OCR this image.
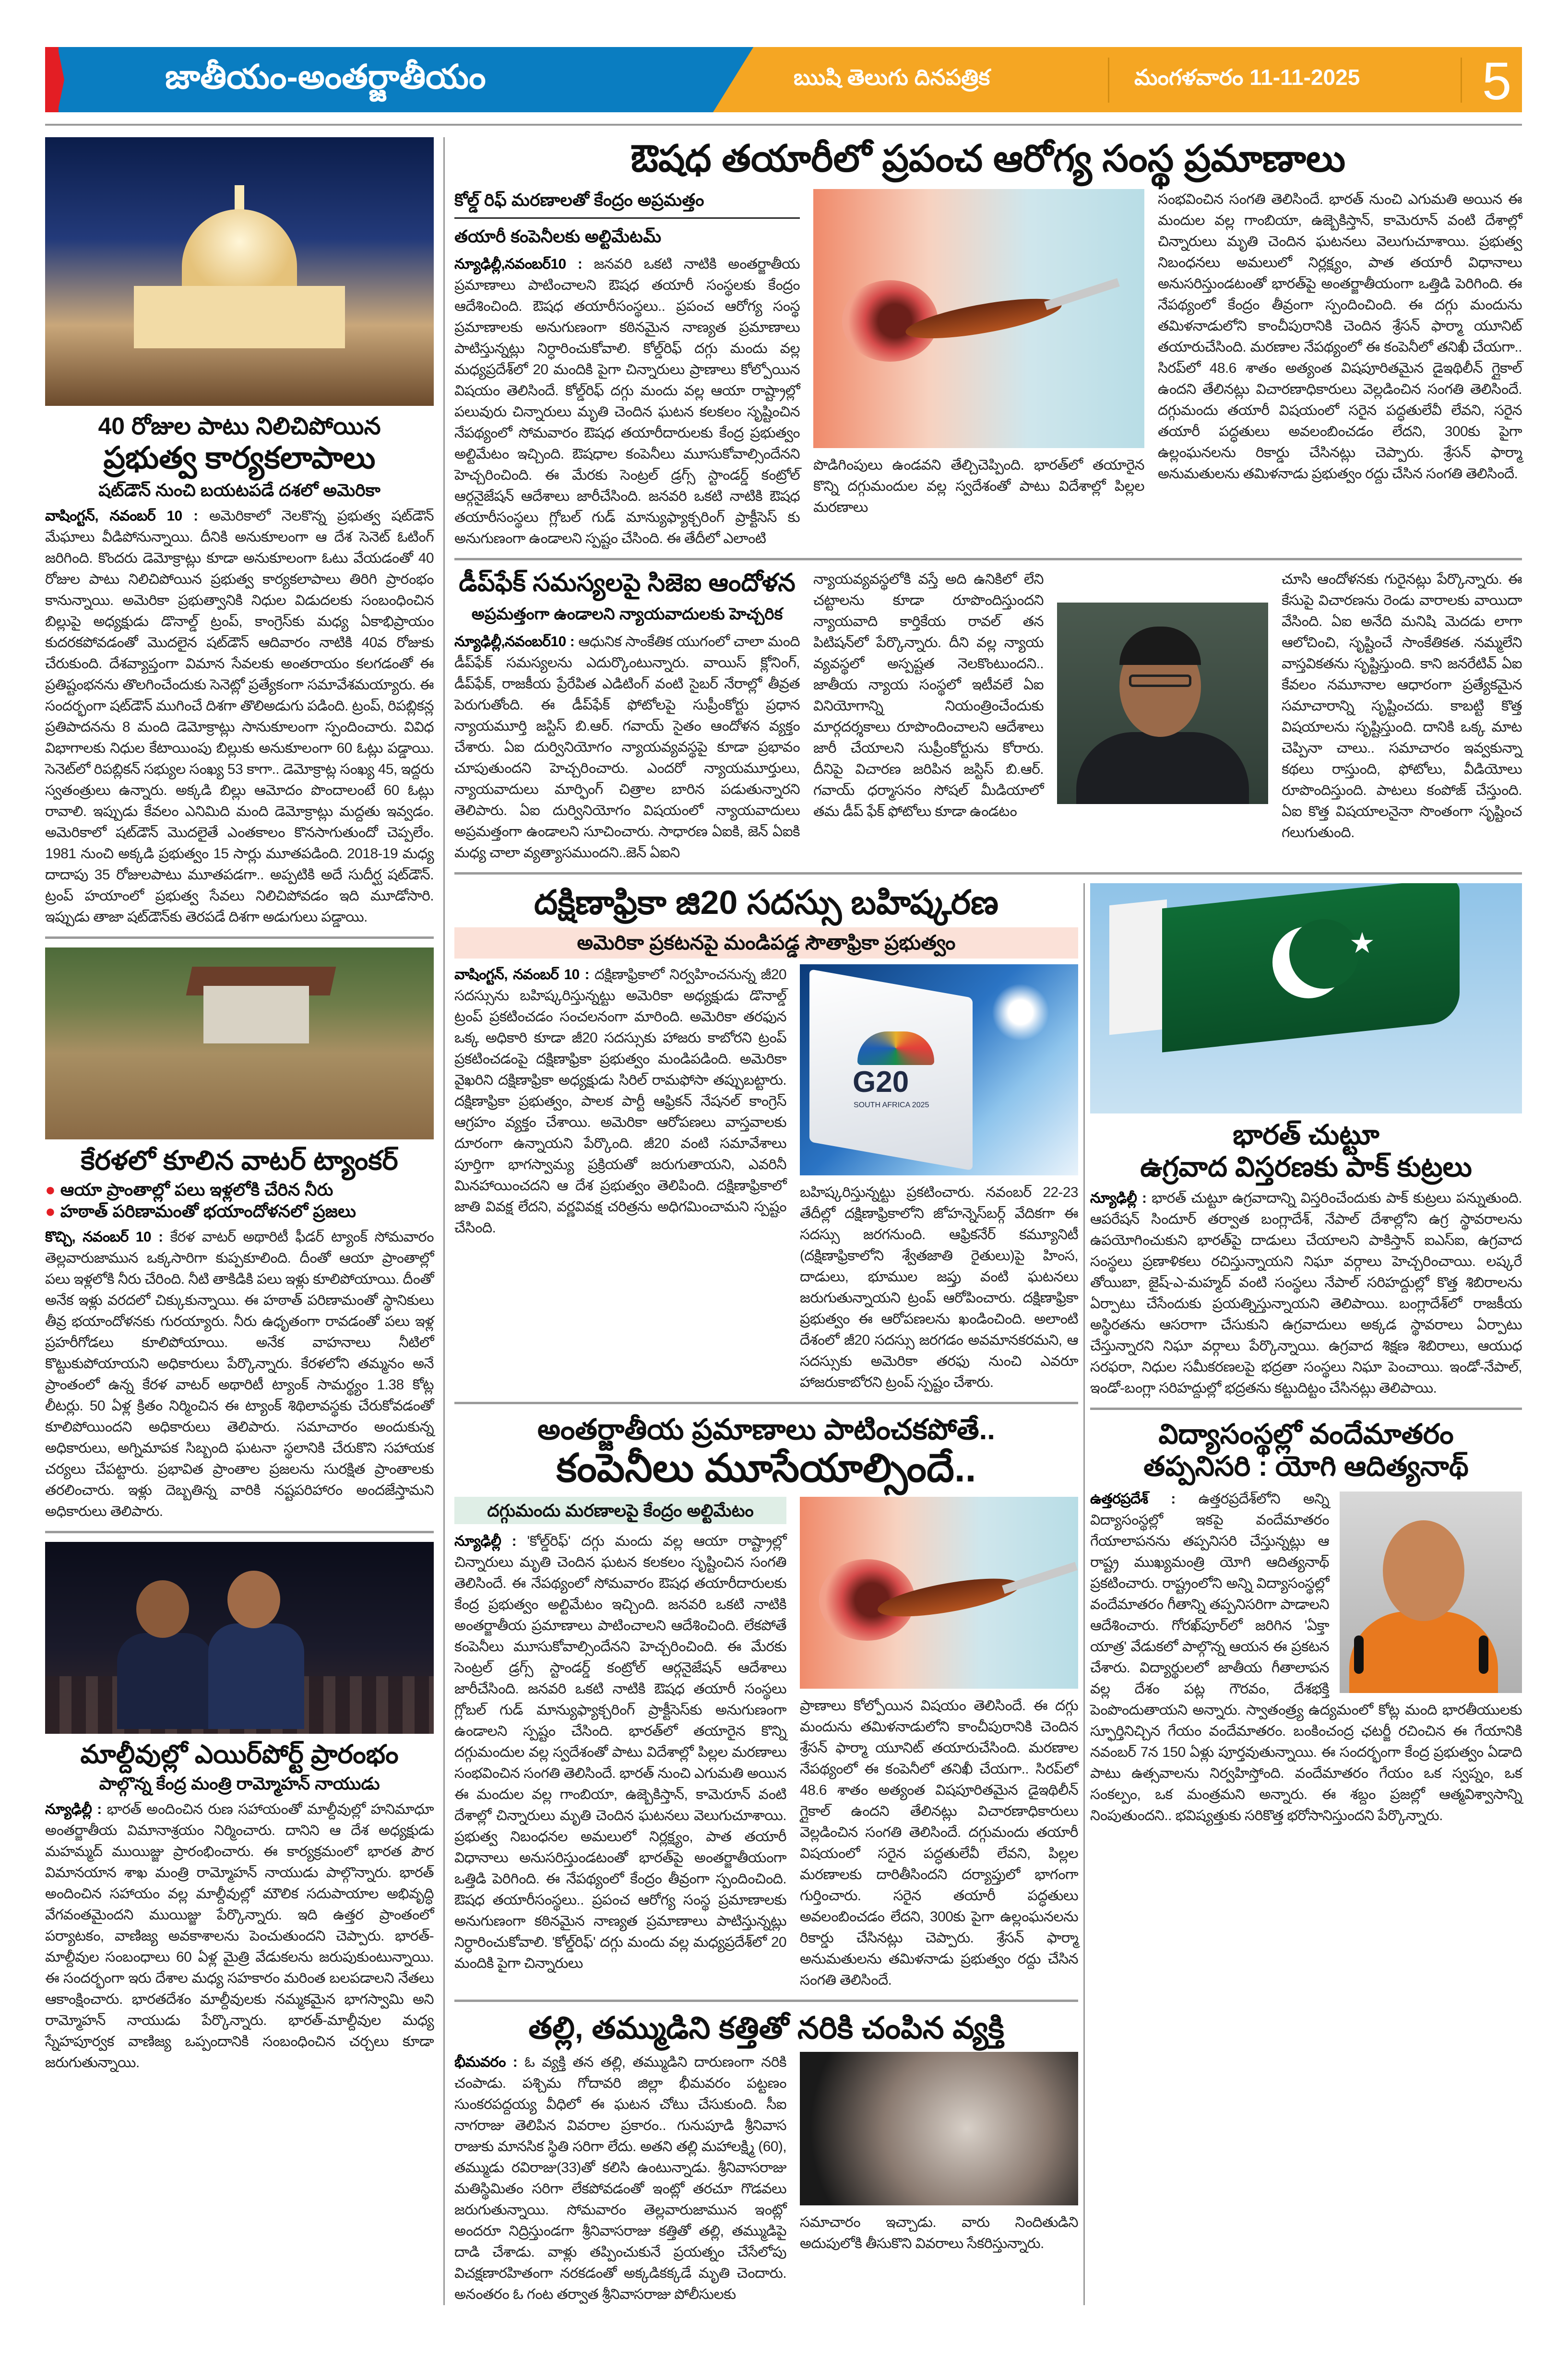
జాతీయం-అంతర్జాతీయం	ఋషి తెలుగు దినపత్రిక	మంగళవారం 11-11-2025 5
40 రోజుల పాటు నిలిచిపోయిన
ప్రభుత్వ కార్యకలాపాలు
షట్‌డౌన్ నుంచి బయటపడే దశలో అమెరికా
వాషింగ్టన్, నవంబర్ 10 : అమెరికాలో నెలకొన్న ప్రభుత్వ షట్‌డౌన్ మేఘాలు వీడిపోనున్నాయి. దీనికి అనుకూలంగా ఆ దేశ సెనెట్ ఓటింగ్ జరిగింది. కొందరు డెమోక్రాట్లు కూడా అనుకూలంగా ఓటు వేయడంతో 40 రోజుల పాటు నిలిచిపోయిన ప్రభుత్వ కార్యకలాపాలు తిరిగి ప్రారంభం కానున్నాయి. అమెరికా ప్రభుత్వానికి నిధుల విడుదలకు సంబంధించిన బిల్లుపై అధ్యక్షుడు డొనాల్డ్ ట్రంప్, కాంగ్రెస్‌కు మధ్య ఏకాభిప్రాయం కుదరకపోవడంతో మొదలైన షట్‌డౌన్ ఆదివారం నాటికి 40వ రోజుకు చేరుకుంది. దేశవ్యాప్తంగా విమాన సేవలకు అంతరాయం కలగడంతో ఈ ప్రతిష్టంభనను తొలగించేందుకు సెనెట్లో ప్రత్యేకంగా సమావేశమయ్యారు. ఈ సందర్భంగా షట్‌డౌన్ ముగించే దిశగా తొలిఅడుగు పడింది. ట్రంప్, రిపబ్లికన్ల ప్రతిపాదనను 8 మంది డెమోక్రాట్లు సానుకూలంగా స్పందించారు. వివిధ విభాగాలకు నిధుల కేటాయింపు బిల్లుకు అనుకూలంగా 60 ఓట్లు పడ్డాయి. సెనెట్‌లో రిపబ్లికన్ సభ్యుల సంఖ్య 53 కాగా.. డెమోక్రాట్ల సంఖ్య 45, ఇద్దరు స్వతంత్రులు ఉన్నారు. అక్కడి బిల్లు ఆమోదం పొందాలంటే 60 ఓట్లు రావాలి. ఇప్పుడు కేవలం ఎనిమిది మంది డెమోక్రాట్లు మద్దతు ఇవ్వడం. అమెరికాలో షట్‌డౌన్ మొదలైతే ఎంతకాలం కొనసాగుతుందో చెప్పలేం. 1981 నుంచి అక్కడి ప్రభుత్వం 15 సార్లు మూతపడింది. 2018-19 మధ్య దాదాపు 35 రోజులపాటు మూతపడగా.. అప్పటికి అదే సుదీర్ఘ షట్‌డౌన్. ట్రంప్ హయాంలో ప్రభుత్వ సేవలు నిలిచిపోవడం ఇది మూడోసారి. ఇప్పుడు తాజా షట్‌డౌన్‌కు తెరపడే దిశగా అడుగులు పడ్డాయి.
కేరళలో కూలిన వాటర్ ట్యాంకర్
● ఆయా ప్రాంతాల్లో పలు ఇళ్లలోకి చేరిన నీరు
● హఠాత్ పరిణామంతో భయాందోళనలో ప్రజలు
కొచ్చి, నవంబర్ 10 : కేరళ వాటర్ అథారిటీ ఫీడర్ ట్యాంక్ సోమవారం తెల్లవారుజామున ఒక్కసారిగా కుప్పకూలింది. దీంతో ఆయా ప్రాంతాల్లో పలు ఇళ్లలోకి నీరు చేరింది. నీటి తాకిడికి పలు ఇళ్లు కూలిపోయాయి. దీంతో అనేక ఇళ్లు వరదలో చిక్కుకున్నాయి. ఈ హఠాత్ పరిణామంతో స్థానికులు తీవ్ర భయాందోళనకు గురయ్యారు. నీరు ఉధృతంగా రావడంతో పలు ఇళ్ల ప్రహరీగోడలు కూలిపోయాయి. అనేక వాహనాలు నీటిలో కొట్టుకుపోయాయని అధికారులు పేర్కొన్నారు. కేరళలోని తమ్మనం అనే ప్రాంతంలో ఉన్న కేరళ వాటర్ అథారిటీ ట్యాంక్ సామర్థ్యం 1.38 కోట్ల లీటర్లు. 50 ఏళ్ల క్రితం నిర్మించిన ఈ ట్యాంక్ శిథిలావస్థకు చేరుకోవడంతో కూలిపోయిందని అధికారులు తెలిపారు. సమాచారం అందుకున్న అధికారులు, అగ్నిమాపక సిబ్బంది ఘటనా స్థలానికి చేరుకొని సహాయక చర్యలు చేపట్టారు. ప్రభావిత ప్రాంతాల ప్రజలను సురక్షిత ప్రాంతాలకు తరలించారు. ఇళ్లు దెబ్బతిన్న వారికి నష్టపరిహారం అందజేస్తామని అధికారులు తెలిపారు.
మాల్దీవుల్లో ఎయిర్‌పోర్ట్ ప్రారంభం
పాల్గొన్న కేంద్ర మంత్రి రామ్మోహన్ నాయుడు
న్యూఢిల్లీ : భారత్ అందించిన రుణ సహాయంతో మాల్దీవుల్లో హనిమాధూ అంతర్జాతీయ విమానాశ్రయం నిర్మించారు. దానిని ఆ దేశ అధ్యక్షుడు మహమ్మద్ ముయిజ్జు ప్రారంభించారు. ఈ కార్యక్రమంలో భారత పౌర విమానయాన శాఖ మంత్రి రామ్మోహన్ నాయుడు పాల్గొన్నారు. భారత్ అందించిన సహాయం వల్ల మాల్దీవుల్లో మౌలిక సదుపాయాల అభివృద్ధి వేగవంతమైందని ముయిజ్జు పేర్కొన్నారు. ఇది ఉత్తర ప్రాంతంలో పర్యాటకం, వాణిజ్య అవకాశాలను పెంచుతుందని చెప్పారు. భారత్-మాల్దీవుల సంబంధాలు 60 ఏళ్ల మైత్రి వేడుకలను జరుపుకుంటున్నాయి. ఈ సందర్భంగా ఇరు దేశాల మధ్య సహకారం మరింత బలపడాలని నేతలు ఆకాంక్షించారు. భారతదేశం మాల్దీవులకు నమ్మకమైన భాగస్వామి అని రామ్మోహన్ నాయుడు పేర్కొన్నారు. భారత్-మాల్దీవుల మధ్య స్నేహపూర్వక వాణిజ్య ఒప్పందానికి సంబంధించిన చర్చలు కూడా జరుగుతున్నాయి.
ఔషధ తయారీలో ప్రపంచ ఆరోగ్య సంస్థ ప్రమాణాలు
కోల్డ్ రిఫ్ మరణాలతో కేంద్రం అప్రమత్తం
తయారీ కంపెనీలకు అల్టిమేటమ్
న్యూఢిల్లీ,నవంబర్10 : జనవరి ఒకటి నాటికి అంతర్జాతీయ ప్రమాణాలు పాటించాలని ఔషధ తయారీ సంస్థలకు కేంద్రం ఆదేశించింది. ఔషధ తయారీసంస్థలు.. ప్రపంచ ఆరోగ్య సంస్థ ప్రమాణాలకు అనుగుణంగా కఠినమైన నాణ్యత ప్రమాణాలు పాటిస్తున్నట్లు నిర్ధారించుకోవాలి. కోల్డ్‌రిఫ్ దగ్గు మందు వల్ల మధ్యప్రదేశ్‌లో 20 మందికి పైగా చిన్నారులు ప్రాణాలు కోల్పోయిన విషయం తెలిసిందే. కోల్డ్‌రిఫ్ దగ్గు మందు వల్ల ఆయా రాష్ట్రాల్లో పలువురు చిన్నారులు మృతి చెందిన ఘటన కలకలం సృష్టించిన నేపథ్యంలో సోమవారం ఔషధ తయారీదారులకు కేంద్ర ప్రభుత్వం అల్టిమేటం ఇచ్చింది. ఔషధాల కంపెనీలు మూసుకోవాల్సిందేనని హెచ్చరించింది. ఈ మేరకు సెంట్రల్ డ్రగ్స్ స్టాండర్డ్ కంట్రోల్ ఆర్గనైజేషన్ ఆదేశాలు జారీచేసింది. జనవరి ఒకటి నాటికి ఔషధ తయారీసంస్థలు గ్లోబల్ గుడ్ మాన్యుఫ్యాక్చరింగ్ ప్రాక్టీసెస్ కు అనుగుణంగా ఉండాలని స్పష్టం చేసింది. ఈ తేదీలో ఎలాంటి
పొడిగింపులు ఉండవని తేల్చిచెప్పింది. భారత్‌లో తయారైన కొన్ని దగ్గుమందుల వల్ల స్వదేశంతో పాటు విదేశాల్లో పిల్లల మరణాలు
సంభవించిన సంగతి తెలిసిందే. భారత్ నుంచి ఎగుమతి అయిన ఈ మందుల వల్ల గాంబియా, ఉజ్బెకిస్తాన్, కామెరూన్ వంటి దేశాల్లో చిన్నారులు మృతి చెందిన ఘటనలు వెలుగుచూశాయి. ప్రభుత్వ నిబంధనలు అమలులో నిర్లక్ష్యం, పాత తయారీ విధానాలు అనుసరిస్తుండటంతో భారత్‌పై అంతర్జాతీయంగా ఒత్తిడి పెరిగింది. ఈ నేపథ్యంలో కేంద్రం తీవ్రంగా స్పందించింది. ఈ దగ్గు మందును తమిళనాడులోని కాంచీపురానికి చెందిన శ్రేసన్ ఫార్మా యూనిట్ తయారుచేసింది. మరణాల నేపథ్యంలో ఈ కంపెనీలో తనిఖీ చేయగా.. సిరప్‌లో 48.6 శాతం అత్యంత విషపూరితమైన డైఇథిలీన్ గ్లైకాల్ ఉందని తేలినట్లు విచారణాధికారులు వెల్లడించిన సంగతి తెలిసిందే. దగ్గుమందు తయారీ విషయంలో సరైన పద్ధతులేవీ లేవని, సరైన తయారీ పద్ధతులు అవలంబించడం లేదని, 300కు పైగా ఉల్లంఘనలను రికార్డు చేసినట్లు చెప్పారు. శ్రేసన్ ఫార్మా అనుమతులను తమిళనాడు ప్రభుత్వం రద్దు చేసిన సంగతి తెలిసిందే.
డీప్‌ఫేక్ సమస్యలపై సిజెఐ ఆందోళన
అప్రమత్తంగా ఉండాలని న్యాయవాదులకు హెచ్చరిక
న్యూఢిల్లీ,నవంబర్10 : ఆధునిక సాంకేతిక యుగంలో చాలా మంది డీప్‌ఫేక్ సమస్యలను ఎదుర్కొంటున్నారు. వాయిస్ క్లోనింగ్, డీప్‌ఫేక్, రాజకీయ ప్రేరేపిత ఎడిటింగ్ వంటి సైబర్ నేరాల్లో తీవ్రత పెరుగుతోంది. ఈ డీప్‌ఫేక్ ఫోటోలపై సుప్రీంకోర్టు ప్రధాన న్యాయమూర్తి జస్టిస్ బి.ఆర్. గవాయ్ సైతం ఆందోళన వ్యక్తం చేశారు. ఏఐ దుర్వినియోగం న్యాయవ్యవస్థపై కూడా ప్రభావం చూపుతుందని హెచ్చరించారు. ఎందరో న్యాయమూర్తులు, న్యాయవాదులు మార్ఫింగ్ చిత్రాల బారిన పడుతున్నారని తెలిపారు. ఏఐ దుర్వినియోగం విషయంలో న్యాయవాదులు అప్రమత్తంగా ఉండాలని సూచించారు. సాధారణ ఏఐకి, జెన్ ఏఐకి మధ్య చాలా వ్యత్యాసముందని..జెన్ ఏఐని
న్యాయవ్యవస్థలోకి వస్తే అది ఉనికిలో లేని చట్టాలను కూడా రూపొందిస్తుందని న్యాయవాది కార్తికేయ రావల్ తన పిటిషన్‌లో పేర్కొన్నారు. దీని వల్ల న్యాయ వ్యవస్థలో అస్పష్టత నెలకొంటుందని.. జాతీయ న్యాయ సంస్థలో ఇటీవలే ఏఐ వినియోగాన్ని నియంత్రించేందుకు మార్గదర్శకాలు రూపొందించాలని ఆదేశాలు జారీ చేయాలని సుప్రీంకోర్టును కోరారు. దీనిపై విచారణ జరిపిన జస్టిస్ బి.ఆర్. గవాయ్ ధర్మాసనం సోషల్ మీడియాలో తమ డీప్ ఫేక్ ఫోటోలు కూడా ఉండటం
చూసి ఆందోళనకు గురైనట్లు పేర్కొన్నారు. ఈ కేసుపై విచారణను రెండు వారాలకు వాయిదా వేసింది. ఏఐ అనేది మనిషి మెదడు లాగా ఆలోచించి, సృష్టించే సాంకేతికత. నమ్మలేని వాస్తవికతను సృష్టిస్తుంది. కాని జనరేటివ్ ఏఐ కేవలం నమూనాల ఆధారంగా ప్రత్యేకమైన సమాచారాన్ని సృష్టించదు. కాబట్టి కొత్త విషయాలను సృష్టిస్తుంది. దానికి ఒక్క మాట చెప్పినా చాలు.. సమాచారం ఇవ్వకున్నా కథలు రాస్తుంది, ఫోటోలు, వీడియోలు రూపొందిస్తుంది. పాటలు కంపోజ్ చేస్తుంది. ఏఐ కొత్త విషయాలనైనా సొంతంగా సృష్టించ గలుగుతుంది.
దక్షిణాఫ్రికా జి20 సదస్సు బహిష్కరణ
అమెరికా ప్రకటనపై మండిపడ్డ సౌతాఫ్రికా ప్రభుత్వం
వాషింగ్టన్, నవంబర్ 10 : దక్షిణాఫ్రికాలో నిర్వహించనున్న జీ20 సదస్సును బహిష్కరిస్తున్నట్టు అమెరికా అధ్యక్షుడు డొనాల్డ్ ట్రంప్ ప్రకటించడం సంచలనంగా మారింది. అమెరికా తరఫున ఒక్క అధికారి కూడా జీ20 సదస్సుకు హాజరు కాబోరని ట్రంప్ ప్రకటించడంపై దక్షిణాఫ్రికా ప్రభుత్వం మండిపడింది. అమెరికా వైఖరిని దక్షిణాఫ్రికా అధ్యక్షుడు సిరిల్ రామఫోసా తప్పుబట్టారు. దక్షిణాఫ్రికా ప్రభుత్వం, పాలక పార్టీ ఆఫ్రికన్ నేషనల్ కాంగ్రెస్ ఆగ్రహం వ్యక్తం చేశాయి. అమెరికా ఆరోపణలు వాస్తవాలకు దూరంగా ఉన్నాయని పేర్కొంది. జీ20 వంటి సమావేశాలు పూర్తిగా భాగస్వామ్య ప్రక్రియతో జరుగుతాయని, ఎవరినీ మినహాయించదని ఆ దేశ ప్రభుత్వం తెలిపింది. దక్షిణాఫ్రికాలో జాతి వివక్ష లేదని, వర్ణవివక్ష చరిత్రను అధిగమించామని స్పష్టం చేసింది.
G20
SOUTH AFRICA 2025
బహిష్కరిస్తున్నట్టు ప్రకటించారు. నవంబర్ 22-23 తేదీల్లో దక్షిణాఫ్రికాలోని జోహన్నెస్‌బర్గ్ వేదికగా ఈ సదస్సు జరగనుంది. ఆఫ్రికనేర్ కమ్యూనిటీ (దక్షిణాఫ్రికాలోని శ్వేతజాతి రైతులు)పై హింస, దాడులు, భూముల జప్తు వంటి ఘటనలు జరుగుతున్నాయని ట్రంప్ ఆరోపించారు. దక్షిణాఫ్రికా ప్రభుత్వం ఈ ఆరోపణలను ఖండించింది. అలాంటి దేశంలో జీ20 సదస్సు జరగడం అవమానకరమని, ఆ సదస్సుకు అమెరికా తరఫు నుంచి ఎవరూ హాజరుకాబోరని ట్రంప్ స్పష్టం చేశారు.
అంతర్జాతీయ ప్రమాణాలు పాటించకపోతే..
కంపెనీలు మూసేయాల్సిందే..
దగ్గుమందు మరణాలపై కేంద్రం అల్టిమేటం
న్యూఢిల్లీ : 'కోల్డ్‌రిఫ్' దగ్గు మందు వల్ల ఆయా రాష్ట్రాల్లో చిన్నారులు మృతి చెందిన ఘటన కలకలం సృష్టించిన సంగతి తెలిసిందే. ఈ నేపథ్యంలో సోమవారం ఔషధ తయారీదారులకు కేంద్ర ప్రభుత్వం అల్టిమేటం ఇచ్చింది. జనవరి ఒకటి నాటికి అంతర్జాతీయ ప్రమాణాలు పాటించాలని ఆదేశించింది. లేకపోతే కంపెనీలు మూసుకోవాల్సిందేనని హెచ్చరించింది. ఈ మేరకు సెంట్రల్ డ్రగ్స్ స్టాండర్డ్ కంట్రోల్ ఆర్గనైజేషన్ ఆదేశాలు జారీచేసింది. జనవరి ఒకటి నాటికి ఔషధ తయారీ సంస్థలు గ్లోబల్ గుడ్ మాన్యుఫ్యాక్చరింగ్ ప్రాక్టీసెస్‌కు అనుగుణంగా ఉండాలని స్పష్టం చేసింది. భారత్‌లో తయారైన కొన్ని దగ్గుమందుల వల్ల స్వదేశంతో పాటు విదేశాల్లో పిల్లల మరణాలు సంభవించిన సంగతి తెలిసిందే. భారత్ నుంచి ఎగుమతి అయిన ఈ మందుల వల్ల గాంబియా, ఉజ్బెకిస్తాన్, కామెరూన్ వంటి దేశాల్లో చిన్నారులు మృతి చెందిన ఘటనలు వెలుగుచూశాయి. ప్రభుత్వ నిబంధనల అమలులో నిర్లక్ష్యం, పాత తయారీ విధానాలు అనుసరిస్తుండటంతో భారత్‌పై అంతర్జాతీయంగా ఒత్తిడి పెరిగింది. ఈ నేపథ్యంలో కేంద్రం తీవ్రంగా స్పందించింది. ఔషధ తయారీసంస్థలు.. ప్రపంచ ఆరోగ్య సంస్థ ప్రమాణాలకు అనుగుణంగా కఠినమైన నాణ్యత ప్రమాణాలు పాటిస్తున్నట్లు నిర్ధారించుకోవాలి. 'కోల్డ్‌రిఫ్' దగ్గు మందు వల్ల మధ్యప్రదేశ్‌లో 20 మందికి పైగా చిన్నారులు
ప్రాణాలు కోల్పోయిన విషయం తెలిసిందే. ఈ దగ్గు మందును తమిళనాడులోని కాంచీపురానికి చెందిన శ్రేసన్ ఫార్మా యూనిట్ తయారుచేసింది. మరణాల నేపథ్యంలో ఈ కంపెనీలో తనిఖీ చేయగా.. సిరప్‌లో 48.6 శాతం అత్యంత విషపూరితమైన డైఇథిలీన్ గ్లైకాల్ ఉందని తేలినట్లు విచారణాధికారులు వెల్లడించిన సంగతి తెలిసిందే. దగ్గుమందు తయారీ విషయంలో సరైన పద్ధతులేవీ లేవని, పిల్లల మరణాలకు దారితీసిందని దర్యాప్తులో భాగంగా గుర్తించారు. సరైన తయారీ పద్ధతులు అవలంబించడం లేదని, 300కు పైగా ఉల్లంఘనలను రికార్డు చేసినట్లు చెప్పారు. శ్రేసన్ ఫార్మా అనుమతులను తమిళనాడు ప్రభుత్వం రద్దు చేసిన సంగతి తెలిసిందే.
తల్లి, తమ్ముడిని కత్తితో నరికి చంపిన వ్యక్తి
భీమవరం : ఓ వ్యక్తి తన తల్లి, తమ్ముడిని దారుణంగా నరికి చంపాడు. పశ్చిమ గోదావరి జిల్లా భీమవరం పట్టణం సుంకరపద్దయ్య వీధిలో ఈ ఘటన చోటు చేసుకుంది. సీఐ నాగరాజు తెలిపిన వివరాల ప్రకారం.. గునుపూడి శ్రీనివాస రాజుకు మానసిక స్థితి సరిగా లేదు. అతని తల్లి మహాలక్ష్మి (60), తమ్ముడు రవిరాజు(33)తో కలిసి ఉంటున్నాడు. శ్రీనివాసరాజు మతిస్థిమితం సరిగా లేకపోవడంతో ఇంట్లో తరచూ గొడవలు జరుగుతున్నాయి. సోమవారం తెల్లవారుజామున ఇంట్లో అందరూ నిద్రిస్తుండగా శ్రీనివాసరాజు కత్తితో తల్లి, తమ్ముడిపై దాడి చేశాడు. వాళ్లు తప్పించుకునే ప్రయత్నం చేసేలోపు విచక్షణారహితంగా నరకడంతో అక్కడికక్కడే మృతి చెందారు. అనంతరం ఓ గంట తర్వాత శ్రీనివాసరాజు పోలీసులకు
సమాచారం ఇచ్చాడు. వారు నిందితుడిని అదుపులోకి తీసుకొని వివరాలు సేకరిస్తున్నారు.
★
భారత్ చుట్టూ
ఉగ్రవాద విస్తరణకు పాక్ కుట్రలు
న్యూఢిల్లీ : భారత్ చుట్టూ ఉగ్రవాదాన్ని విస్తరించేందుకు పాక్ కుట్రలు పన్నుతుంది. ఆపరేషన్ సిందూర్ తర్వాత బంగ్లాదేశ్, నేపాల్ దేశాల్లోని ఉగ్ర స్థావరాలను ఉపయోగించుకుని భారత్‌పై దాడులు చేయాలని పాకిస్తాన్ ఐఎస్ఐ, ఉగ్రవాద సంస్థలు ప్రణాళికలు రచిస్తున్నాయని నిఘా వర్గాలు హెచ్చరించాయి. లష్కరే తోయిబా, జైష్-ఎ-మహ్మద్ వంటి సంస్థలు నేపాల్ సరిహద్దుల్లో కొత్త శిబిరాలను ఏర్పాటు చేసేందుకు ప్రయత్నిస్తున్నాయని తెలిపాయి. బంగ్లాదేశ్‌లో రాజకీయ అస్థిరతను ఆసరాగా చేసుకుని ఉగ్రవాదులు అక్కడ స్థావరాలు ఏర్పాటు చేస్తున్నారని నిఘా వర్గాలు పేర్కొన్నాయి. ఉగ్రవాద శిక్షణ శిబిరాలు, ఆయుధ సరఫరా, నిధుల సమీకరణలపై భద్రతా సంస్థలు నిఘా పెంచాయి. ఇండో-నేపాల్, ఇండో-బంగ్లా సరిహద్దుల్లో భద్రతను కట్టుదిట్టం చేసినట్లు తెలిపాయి.
విద్యాసంస్థల్లో వందేమాతరం
తప్పనిసరి : యోగి ఆదిత్యనాథ్
ఉత్తరప్రదేశ్ : ఉత్తరప్రదేశ్‌లోని అన్ని విద్యాసంస్థల్లో ఇకపై వందేమాతరం గేయాలాపనను తప్పనిసరి చేస్తున్నట్లు ఆ రాష్ట్ర ముఖ్యమంత్రి యోగి ఆదిత్యనాథ్ ప్రకటించారు. రాష్ట్రంలోని అన్ని విద్యాసంస్థల్లో వందేమాతరం గీతాన్ని తప్పనిసరిగా పాడాలని ఆదేశించారు. గోరఖ్‌పూర్‌లో జరిగిన 'ఏక్తా యాత్ర' వేడుకలో పాల్గొన్న ఆయన ఈ ప్రకటన చేశారు. విద్యార్థులలో జాతీయ గీతాలాపన వల్ల దేశం పట్ల గౌరవం, దేశభక్తి పెంపొందుతాయని అన్నారు. స్వాతంత్ర్య ఉద్యమంలో కోట్ల మంది భారతీయులకు స్ఫూర్తినిచ్చిన గేయం వందేమాతరం. బంకించంద్ర ఛటర్జీ రచించిన ఈ గేయానికి నవంబర్ 7న 150 ఏళ్లు పూర్తవుతున్నాయి. ఈ సందర్భంగా కేంద్ర ప్రభుత్వం ఏడాది పాటు ఉత్సవాలను నిర్వహిస్తోంది. వందేమాతరం గేయం ఒక స్వప్నం, ఒక సంకల్పం, ఒక మంత్రమని అన్నారు. ఈ శబ్దం ప్రజల్లో ఆత్మవిశ్వాసాన్ని నింపుతుందని.. భవిష్యత్తుకు సరికొత్త భరోసానిస్తుందని పేర్కొన్నారు.
